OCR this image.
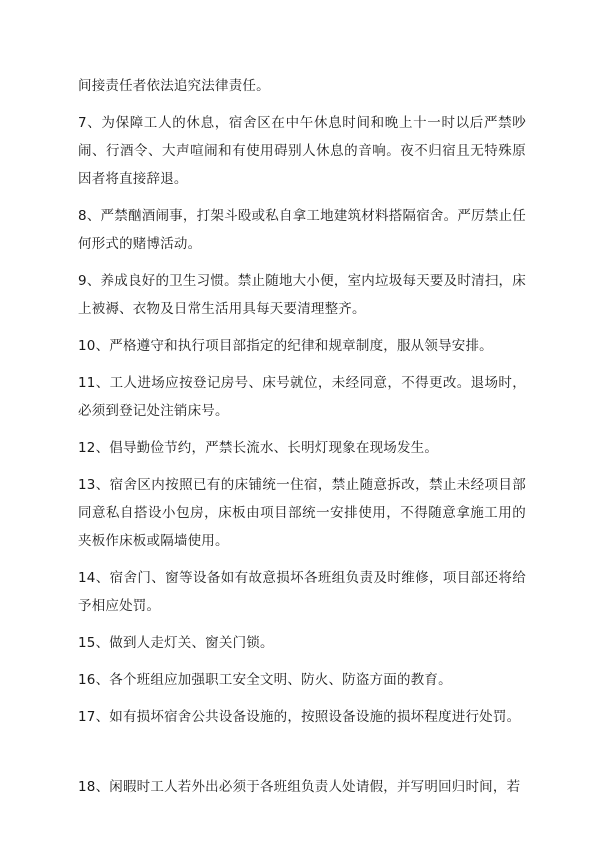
间接责任者依法追究法律责任。

7、为保障工人的休息，宿舍区在中午休息时间和晚上十一时以后严禁吵闹、行酒令、大声喧闹和有使用碍别人休息的音响。夜不归宿且无特殊原因者将直接辞退。

8、严禁酗酒闹事，打架斗殴或私自拿工地建筑材料搭隔宿舍。严厉禁止任何形式的赌博活动。

9、养成良好的卫生习惯。禁止随地大小便，室内垃圾每天要及时清扫，床上被褥、衣物及日常生活用具每天要清理整齐。

10、严格遵守和执行项目部指定的纪律和规章制度，服从领导安排。

11、工人进场应按登记房号、床号就位，未经同意，不得更改。退场时，必须到登记处注销床号。

12、倡导勤俭节约，严禁长流水、长明灯现象在现场发生。

13、宿舍区内按照已有的床铺统一住宿，禁止随意拆改，禁止未经项目部同意私自搭设小包房，床板由项目部统一安排使用，不得随意拿施工用的夹板作床板或隔墙使用。

14、宿舍门、窗等设备如有故意损坏各班组负责及时维修，项目部还将给予相应处罚。

15、做到人走灯关、窗关门锁。

16、各个班组应加强职工安全文明、防火、防盗方面的教育。

17、如有损坏宿舍公共设备设施的，按照设备设施的损坏程度进行处罚。

18、闲暇时工人若外出必须于各班组负责人处请假，并写明回归时间，若
